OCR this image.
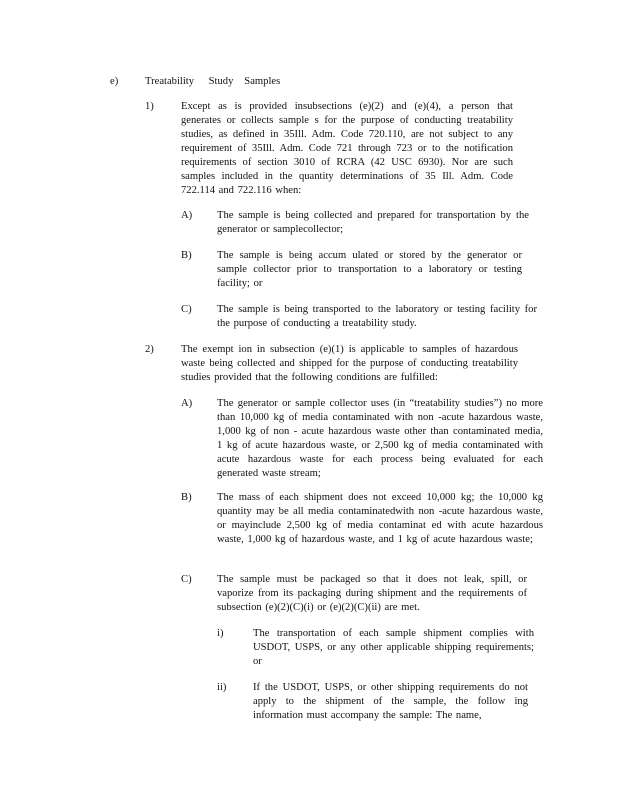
e)	Treatability    Study   Samples
1)	Except as is provided insubsections (e)(2) and (e)(4), a person that generates or collects sample s for the purpose of conducting treatability studies, as defined in 35Ill. Adm. Code 720.110, are not subject to any requirement of 35Ill. Adm. Code 721 through 723 or to the notification requirements of section 3010 of RCRA (42 USC 6930). Nor are such samples included in the quantity determinations of 35 Ill. Adm. Code 722.114 and 722.116 when:
A) The sample is being collected and prepared for transportation by the generator or samplecollector;
B) The sample is being accum ulated or stored by the generator or sample collector prior to transportation to a laboratory or testing facility; or
C) The sample is being transported to the laboratory or testing facility for the purpose of conducting a treatability study.
2)	The exempt ion in subsection (e)(1) is applicable to samples of hazardous waste being collected and shipped for the purpose of conducting treatability studies provided that the following conditions are fulfilled:
A) The generator or sample collector uses (in “treatability studies”) no more than 10,000 kg of media contaminated with non -acute hazardous waste, 1,000 kg of non - acute hazardous waste other than contaminated media, 1 kg of acute hazardous waste, or 2,500 kg of media contaminated with acute hazardous waste for each process being evaluated for each generated waste stream;
B) The mass of each shipment does not exceed 10,000 kg; the 10,000 kg quantity may be all media contaminatedwith non -acute hazardous waste, or mayinclude 2,500 kg of media contaminat ed with acute hazardous waste, 1,000 kg of hazardous waste, and 1 kg of acute hazardous waste;
C) The sample must be packaged so that it does not leak, spill, or vaporize from its packaging during shipment and the requirements of subsection (e)(2)(C)(i) or (e)(2)(C)(ii) are met.
i)	The transportation of each sample shipment complies with USDOT, USPS, or any other applicable shipping requirements; or
ii)	If the USDOT, USPS, or other shipping requirements do not apply to the shipment of the sample, the follow ing information must accompany the sample: The name,
